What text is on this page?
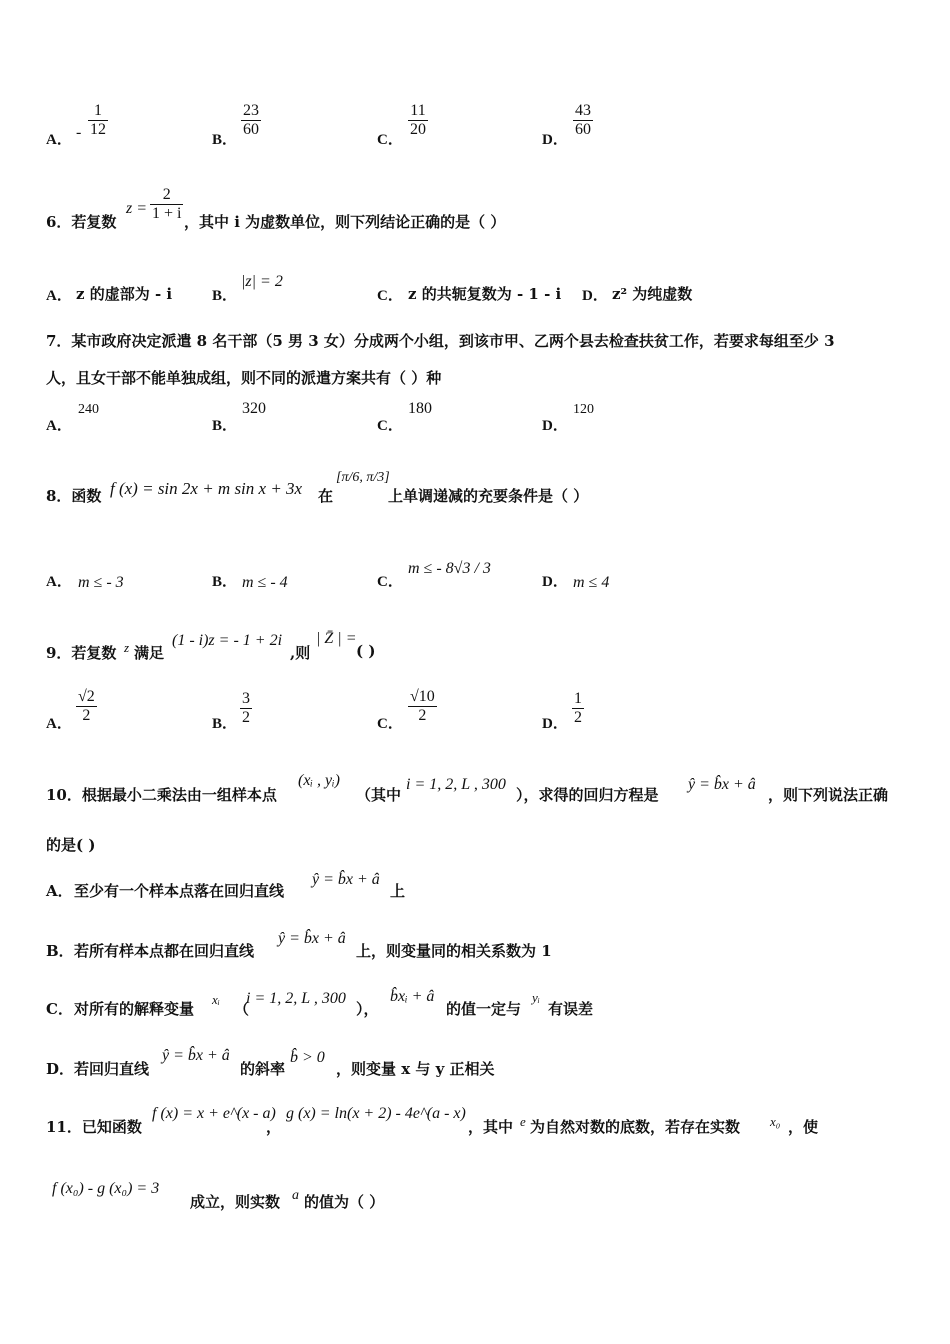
A． -
1
12
B．
23
60
C．
11
20
D．
43
60
6．若复数
z =
2
1 + i ，其中 i 为虚数单位，则下列结论正确的是（ ）
A． z 的虚部为 - i	B．
|z| = 2
C． z 的共轭复数为 - 1 - i D． z² 为纯虚数
7．某市政府决定派遣 8 名干部（5 男 3 女）分成两个小组，到该市甲、乙两个县去检查扶贫工作，若要求每组至少 3
人，且女干部不能单独成组，则不同的派遣方案共有（ ）种
A．
240
B．
320
C．
180
D．
120
8．函数 f (x) = sin 2x + m sin x + 3x 在
[π/6, π/3]
上单调递减的充要条件是（ ）
A． m ≤ - 3	B． m ≤ - 4	C．
m ≤ - 8√3 / 3
D． m ≤ 4
9．若复数 z 满足
(1 - i)z = - 1 + 2i
,则
| Z̄ | =
( )
A．
√2
2	B．
3
2	C．
√10
2	D．
1
2
10．根据最小二乘法由一组样本点
(xᵢ , yᵢ)
（其中
i = 1, 2, L , 300
），求得的回归方程是
ŷ = b̂x + â
，则下列说法正确
的是( )
A． 至少有一个样本点落在回归直线
ŷ = b̂x + â
上
B． 若所有样本点都在回归直线
ŷ = b̂x + â
上，则变量同的相关系数为 1
C． 对所有的解释变量
xᵢ
（
i = 1, 2, L , 300
），
b̂xᵢ + â
的值一定与
yᵢ
有误差
D． 若回归直线
ŷ = b̂x + â
的斜率
b̂ > 0
，则变量 x 与 y 正相关
11．已知函数
f (x) = x + e^(x - a)
，
g (x) = ln(x + 2) - 4e^(a - x)
，其中 e 为自然对数的底数，若存在实数 x₀ ，使
f (x₀) - g (x₀) = 3
成立，则实数 a 的值为（ ）
